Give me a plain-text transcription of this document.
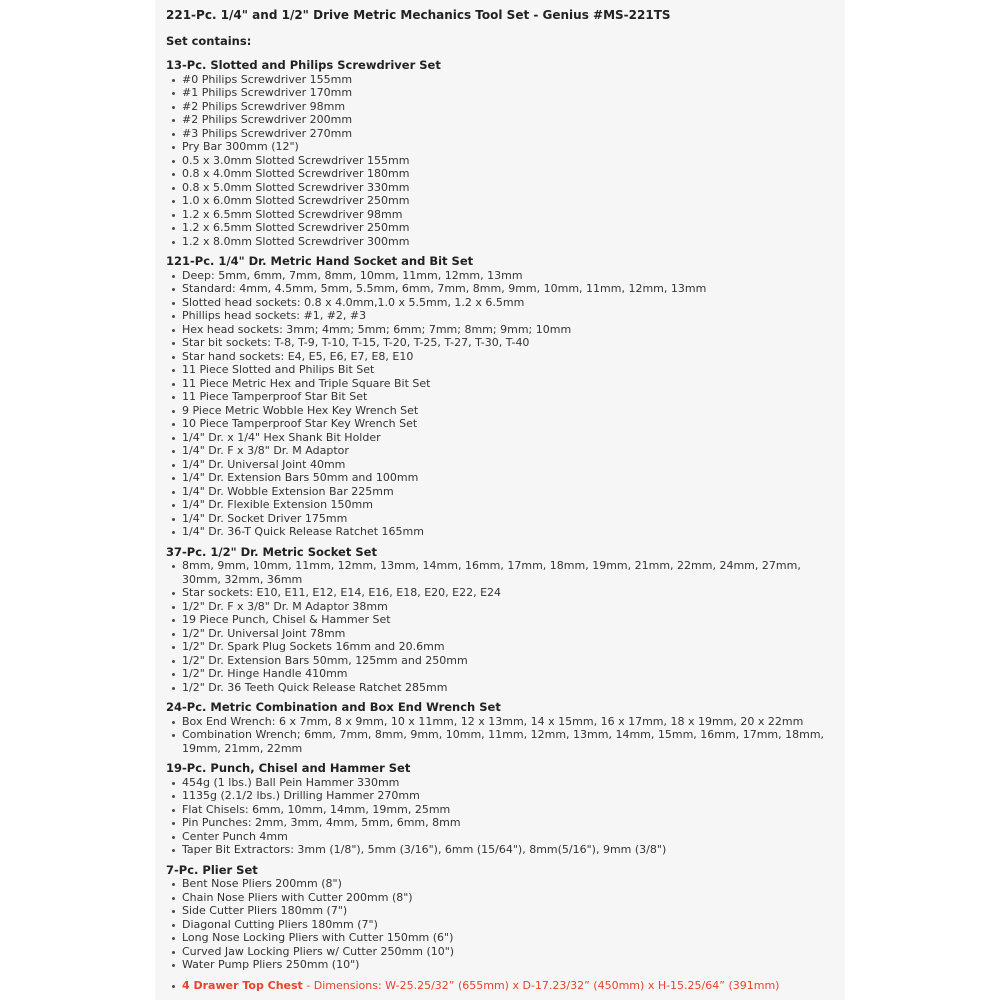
221-Pc. 1/4" and 1/2" Drive Metric Mechanics Tool Set - Genius #MS-221TS

Set contains:

13-Pc. Slotted and Philips Screwdriver Set
#0 Philips Screwdriver 155mm
#1 Philips Screwdriver 170mm
#2 Philips Screwdriver 98mm
#2 Philips Screwdriver 200mm
#3 Philips Screwdriver 270mm
Pry Bar 300mm (12")
0.5 x 3.0mm Slotted Screwdriver 155mm
0.8 x 4.0mm Slotted Screwdriver 180mm
0.8 x 5.0mm Slotted Screwdriver 330mm
1.0 x 6.0mm Slotted Screwdriver 250mm
1.2 x 6.5mm Slotted Screwdriver 98mm
1.2 x 6.5mm Slotted Screwdriver 250mm
1.2 x 8.0mm Slotted Screwdriver 300mm
121-Pc. 1/4" Dr. Metric Hand Socket and Bit Set
Deep: 5mm, 6mm, 7mm, 8mm, 10mm, 11mm, 12mm, 13mm
Standard: 4mm, 4.5mm, 5mm, 5.5mm, 6mm, 7mm, 8mm, 9mm, 10mm, 11mm, 12mm, 13mm
Slotted head sockets: 0.8 x 4.0mm,1.0 x 5.5mm, 1.2 x 6.5mm
Phillips head sockets: #1, #2, #3
Hex head sockets: 3mm; 4mm; 5mm; 6mm; 7mm; 8mm; 9mm; 10mm
Star bit sockets: T-8, T-9, T-10, T-15, T-20, T-25, T-27, T-30, T-40
Star hand sockets: E4, E5, E6, E7, E8, E10
11 Piece Slotted and Philips Bit Set
11 Piece Metric Hex and Triple Square Bit Set
11 Piece Tamperproof Star Bit Set
9 Piece Metric Wobble Hex Key Wrench Set
10 Piece Tamperproof Star Key Wrench Set
1/4" Dr. x 1/4" Hex Shank Bit Holder
1/4" Dr. F x 3/8" Dr. M Adaptor
1/4" Dr. Universal Joint 40mm
1/4" Dr. Extension Bars 50mm and 100mm
1/4" Dr. Wobble Extension Bar 225mm
1/4" Dr. Flexible Extension 150mm
1/4" Dr. Socket Driver 175mm
1/4" Dr. 36-T Quick Release Ratchet 165mm
37-Pc. 1/2" Dr. Metric Socket Set
8mm, 9mm, 10mm, 11mm, 12mm, 13mm, 14mm, 16mm, 17mm, 18mm, 19mm, 21mm, 22mm, 24mm, 27mm, 30mm, 32mm, 36mm
Star sockets: E10, E11, E12, E14, E16, E18, E20, E22, E24
1/2" Dr. F x 3/8" Dr. M Adaptor 38mm
19 Piece Punch, Chisel & Hammer Set
1/2" Dr. Universal Joint 78mm
1/2" Dr. Spark Plug Sockets 16mm and 20.6mm
1/2" Dr. Extension Bars 50mm, 125mm and 250mm
1/2" Dr. Hinge Handle 410mm
1/2" Dr. 36 Teeth Quick Release Ratchet 285mm
24-Pc. Metric Combination and Box End Wrench Set
Box End Wrench: 6 x 7mm, 8 x 9mm, 10 x 11mm, 12 x 13mm, 14 x 15mm, 16 x 17mm, 18 x 19mm, 20 x 22mm
Combination Wrench; 6mm, 7mm, 8mm, 9mm, 10mm, 11mm, 12mm, 13mm, 14mm, 15mm, 16mm, 17mm, 18mm, 19mm, 21mm, 22mm
19-Pc. Punch, Chisel and Hammer Set
454g (1 lbs.) Ball Pein Hammer 330mm
1135g (2.1/2 lbs.) Drilling Hammer 270mm
Flat Chisels: 6mm, 10mm, 14mm, 19mm, 25mm
Pin Punches: 2mm, 3mm, 4mm, 5mm, 6mm, 8mm
Center Punch 4mm
Taper Bit Extractors: 3mm (1/8"), 5mm (3/16"), 6mm (15/64"), 8mm(5/16"), 9mm (3/8")
7-Pc. Plier Set
Bent Nose Pliers 200mm (8")
Chain Nose Pliers with Cutter 200mm (8")
Side Cutter Pliers 180mm (7")
Diagonal Cutting Pliers 180mm (7")
Long Nose Locking Pliers with Cutter 150mm (6")
Curved Jaw Locking Pliers w/ Cutter 250mm (10")
Water Pump Pliers 250mm (10")
4 Drawer Top Chest - Dimensions: W-25.25/32” (655mm) x D-17.23/32” (450mm) x H-15.25/64” (391mm)
